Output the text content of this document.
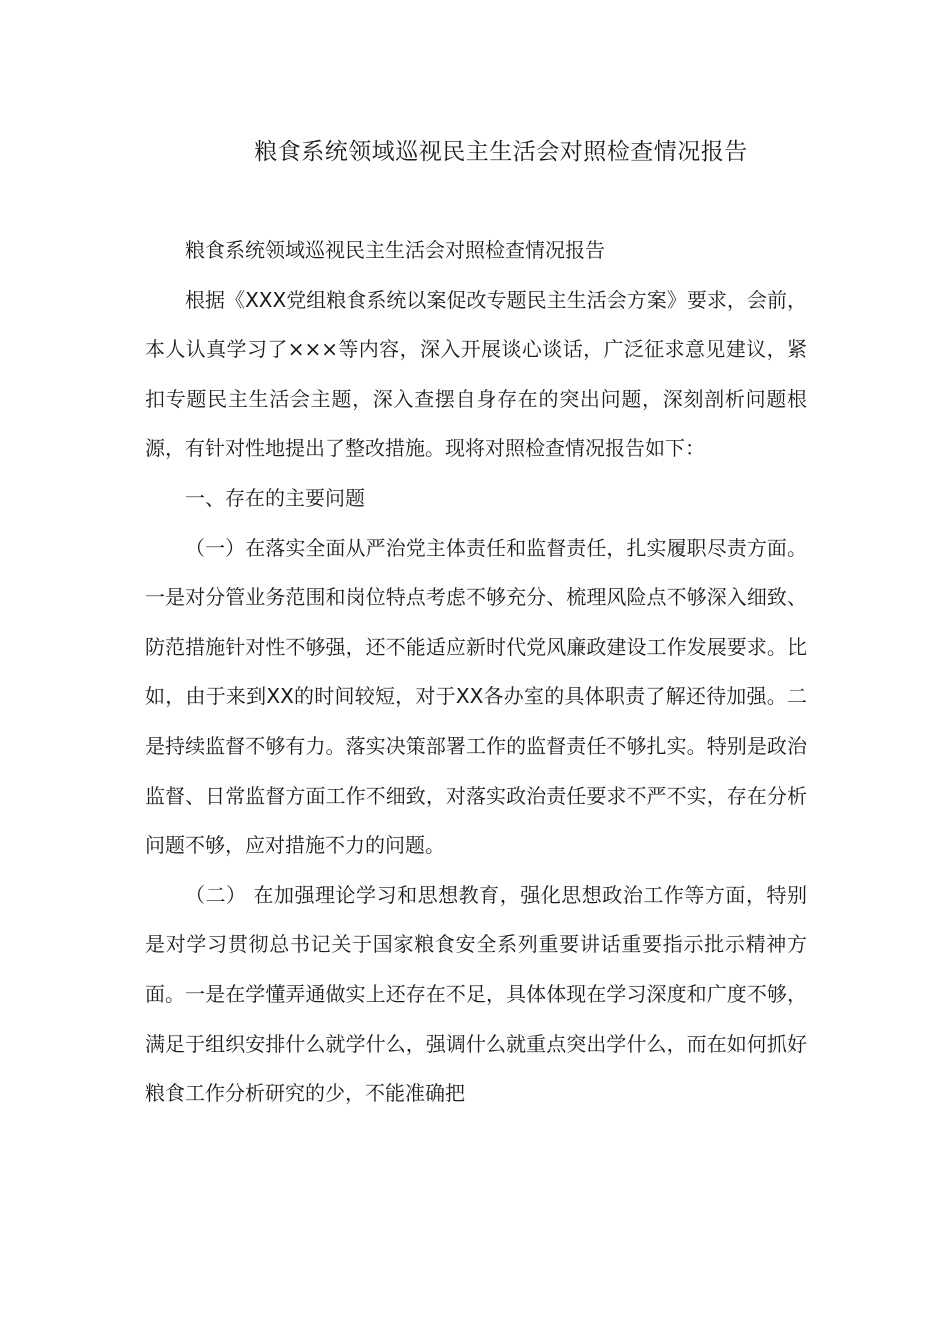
粮食系统领域巡视民主生活会对照检查情况报告

粮食系统领域巡视民主生活会对照检查情况报告

根据《XXX党组粮食系统以案促改专题民主生活会方案》要求，会前，本人认真学习了×××等内容，深入开展谈心谈话，广泛征求意见建议，紧扣专题民主生活会主题，深入查摆自身存在的突出问题，深刻剖析问题根源，有针对性地提出了整改措施。现将对照检查情况报告如下：

一、存在的主要问题

（一）在落实全面从严治党主体责任和监督责任，扎实履职尽责方面。一是对分管业务范围和岗位特点考虑不够充分、梳理风险点不够深入细致、防范措施针对性不够强，还不能适应新时代党风廉政建设工作发展要求。比如，由于来到XX的时间较短，对于XX各办室的具体职责了解还待加强。二是持续监督不够有力。落实决策部署工作的监督责任不够扎实。特别是政治监督、日常监督方面工作不细致，对落实政治责任要求不严不实，存在分析问题不够，应对措施不力的问题。

（二） 在加强理论学习和思想教育，强化思想政治工作等方面，特别是对学习贯彻总书记关于国家粮食安全系列重要讲话重要指示批示精神方面。一是在学懂弄通做实上还存在不足，具体体现在学习深度和广度不够，满足于组织安排什么就学什么，强调什么就重点突出学什么，而在如何抓好粮食工作分析研究的少，不能准确把
